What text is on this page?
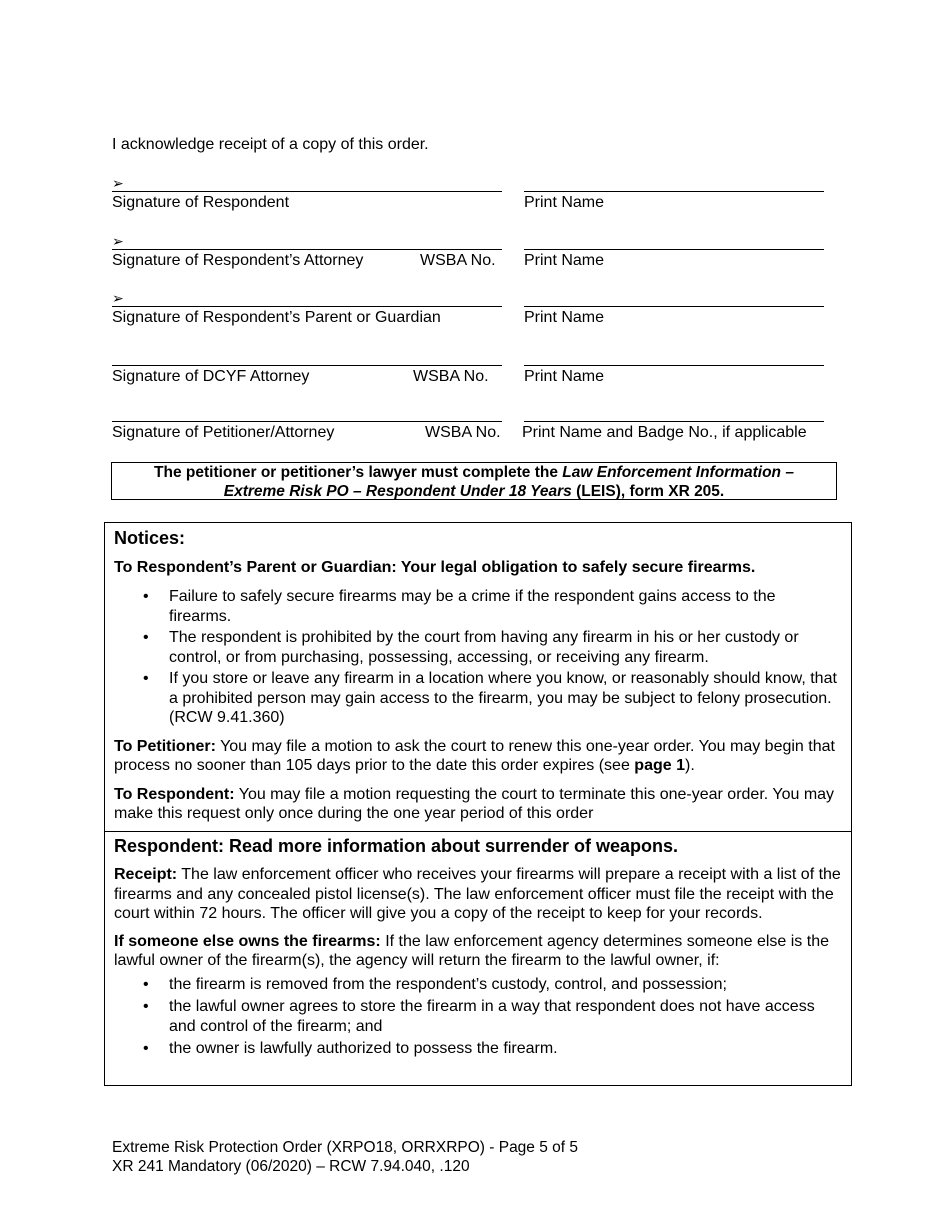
I acknowledge receipt of a copy of this order.
➢
Signature of Respondent	Print Name
➢
Signature of Respondent’s Attorney	WSBA No. Print Name
➢
Signature of Respondent’s Parent or Guardian	Print Name
Signature of DCYF Attorney	WSBA No. Print Name
Signature of Petitioner/Attorney	WSBA No. Print Name and Badge No., if applicable
The petitioner or petitioner’s lawyer must complete the Law Enforcement Information –
Extreme Risk PO – Respondent Under 18 Years (LEIS), form XR 205.
Notices:
To Respondent’s Parent or Guardian: Your legal obligation to safely secure firearms.
• Failure to safely secure firearms may be a crime if the respondent gains access to the firearms.
• The respondent is prohibited by the court from having any firearm in his or her custody or control, or from purchasing, possessing, accessing, or receiving any firearm.
• If you store or leave any firearm in a location where you know, or reasonably should know, that a prohibited person may gain access to the firearm, you may be subject to felony prosecution. (RCW 9.41.360)

To Petitioner: You may file a motion to ask the court to renew this one-year order. You may begin that process no sooner than 105 days prior to the date this order expires (see page 1).

To Respondent: You may file a motion requesting the court to terminate this one-year order. You may make this request only once during the one year period of this order

Respondent: Read more information about surrender of weapons.

Receipt: The law enforcement officer who receives your firearms will prepare a receipt with a list of the firearms and any concealed pistol license(s). The law enforcement officer must file the receipt with the court within 72 hours. The officer will give you a copy of the receipt to keep for your records.

If someone else owns the firearms: If the law enforcement agency determines someone else is the lawful owner of the firearm(s), the agency will return the firearm to the lawful owner, if:

• the firearm is removed from the respondent’s custody, control, and possession;
• the lawful owner agrees to store the firearm in a way that respondent does not have access and control of the firearm; and
• the owner is lawfully authorized to possess the firearm.
Extreme Risk Protection Order (XRPO18, ORRXRPO) - Page 5 of 5
XR 241 Mandatory (06/2020) – RCW 7.94.040, .120
